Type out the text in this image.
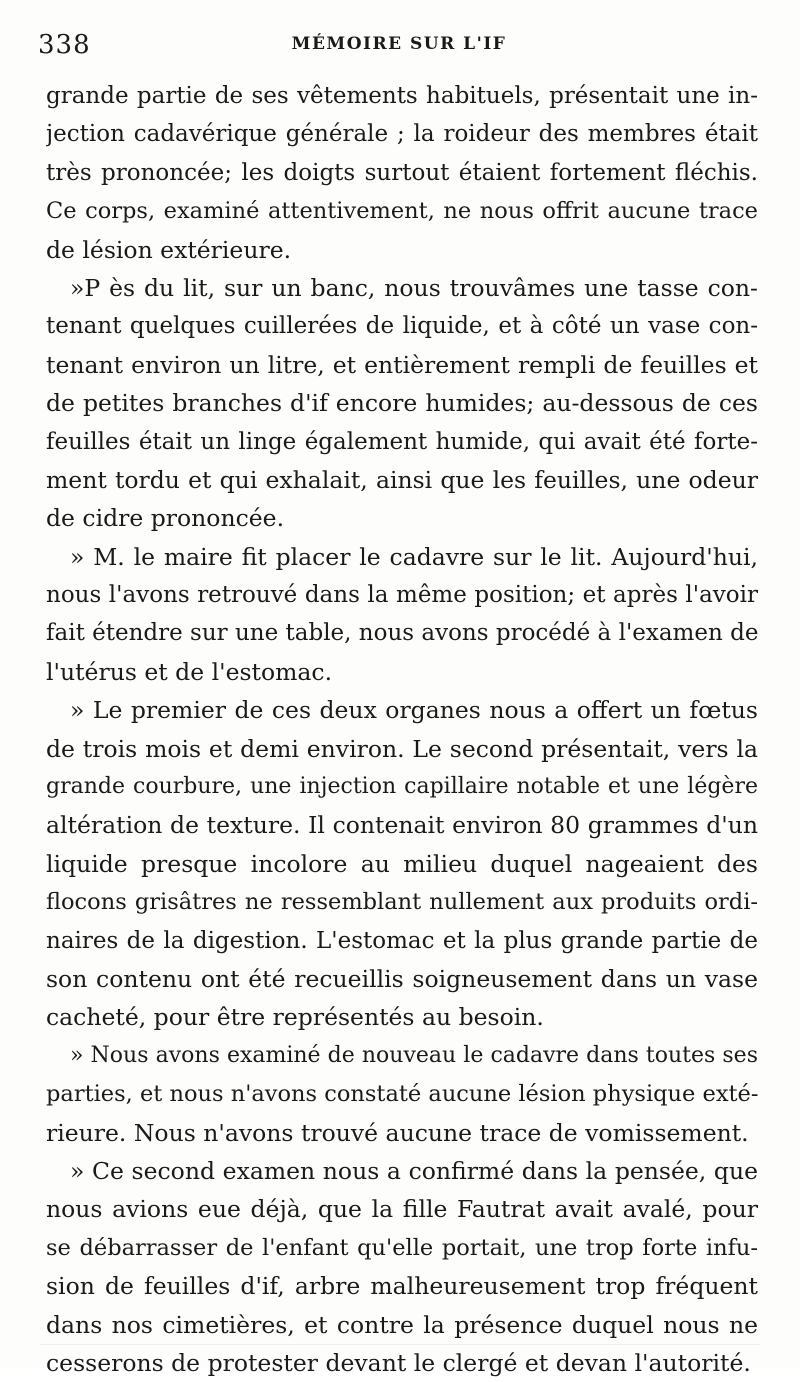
338	MÉMOIRE SUR L'IF
grande partie de ses vêtements habituels, présentait une in-
jection cadavérique générale ; la roideur des membres était
très prononcée; les doigts surtout étaient fortement fléchis.
Ce corps, examiné attentivement, ne nous offrit aucune trace
de lésion extérieure.
»P ès du lit, sur un banc, nous trouvâmes une tasse con-
tenant quelques cuillerées de liquide, et à côté un vase con-
tenant environ un litre, et entièrement rempli de feuilles et
de petites branches d'if encore humides; au-dessous de ces
feuilles était un linge également humide, qui avait été forte-
ment tordu et qui exhalait, ainsi que les feuilles, une odeur
de cidre prononcée.
» M. le maire fit placer le cadavre sur le lit. Aujourd'hui,
nous l'avons retrouvé dans la même position; et après l'avoir
fait étendre sur une table, nous avons procédé à l'examen de
l'utérus et de l'estomac.
» Le premier de ces deux organes nous a offert un fœtus
de trois mois et demi environ. Le second présentait, vers la
grande courbure, une injection capillaire notable et une légère
altération de texture. Il contenait environ 80 grammes d'un
liquide presque incolore au milieu duquel nageaient des
flocons grisâtres ne ressemblant nullement aux produits ordi-
naires de la digestion. L'estomac et la plus grande partie de
son contenu ont été recueillis soigneusement dans un vase
cacheté, pour être représentés au besoin.
» Nous avons examiné de nouveau le cadavre dans toutes ses
parties, et nous n'avons constaté aucune lésion physique exté-
rieure. Nous n'avons trouvé aucune trace de vomissement.
» Ce second examen nous a confirmé dans la pensée, que
nous avions eue déjà, que la fille Fautrat avait avalé, pour
se débarrasser de l'enfant qu'elle portait, une trop forte infu-
sion de feuilles d'if, arbre malheureusement trop fréquent
dans nos cimetières, et contre la présence duquel nous ne
cesserons de protester devant le clergé et devan l'autorité.
